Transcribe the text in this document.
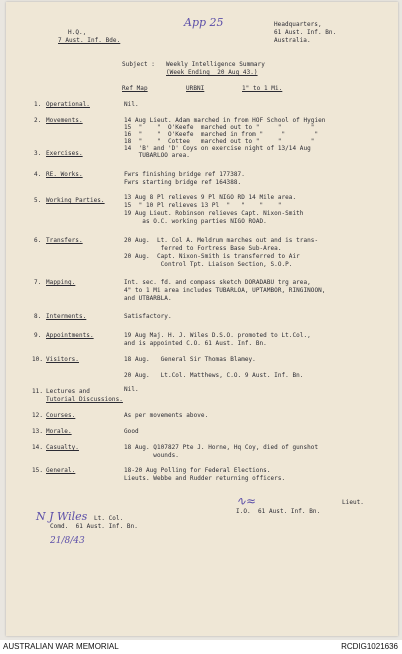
App 25
H.Q.,
7 Aust. Inf. Bde.
Headquarters,
61 Aust. Inf. Bn.
Australia.
Subject : Weekly Intelligence Summary
(Week Ending  20 Aug 43.)
Ref Map	URBNI	1" to 1 Mi.
1. Operational.	Nil.
2. Movements.	14 Aug Lieut. Adam marched in from HOF School of Hygien
15  "    "  O'Keefe  marched out to "     "        "
16  "    "  O'Keefe  marched in from "     "        "
18  "    "  Cottee   marched out to "     "        "
14  'B' and 'D' Coys on exercise night of 13/14 Aug
3. Exercises.	TUBARLOO area.
4. RE. Works.	Fwrs finishing bridge ref 177387.
Fwrs starting bridge ref 164388.
5. Working Parties.	13 Aug 8 Pl relieves 9 Pl NIGO RD 14 Mile area.
15  " 10 Pl relieves 13 Pl  "   "    "    "
19 Aug Lieut. Robinson relieves Capt. Nixon-Smith
as O.C. working parties NIGO ROAD.
6. Transfers.	20 Aug.  Lt. Col A. Meldrum marches out and is trans-
ferred to Fortress Base Sub-Area.
20 Aug.  Capt. Nixon-Smith is transferred to Air
Control Tpt. Liaison Section, S.O.P.
7. Mapping.	Int. sec. fd. and compass sketch DORADABU trg area,
4" to 1 Mi area includes TUBARLOA, UPTAMBOR, RINGINOON,
and UTBARBLA.
8. Interments.	Satisfactory.
9. Appointments.	19 Aug Maj. H. J. Wiles D.S.O. promoted to Lt.Col.,
and is appointed C.O. 61 Aust. Inf. Bn.
10. Visitors.	18 Aug.   General Sir Thomas Blamey.
20 Aug.   Lt.Col. Matthews, C.O. 9 Aust. Inf. Bn.
11. Lectures and
Tutorial Discussions.
Nil.
12. Courses.	As per movements above.
13. Morale.	Good
14. Casualty.	18 Aug. Q107827 Pte J. Horne, Hq Coy, died of gunshot
wounds.
15. General.	18-20 Aug Polling for Federal Elections.
Lieuts. Webbe and Rudder returning officers.
∿≈	Lieut.
I.O.  61 Aust. Inf. Bn.
N J Wiles Lt. Col.
Comd.  61 Aust. Inf. Bn.
21/8/43
AUSTRALIAN WAR MEMORIAL	RCDIG1021636
